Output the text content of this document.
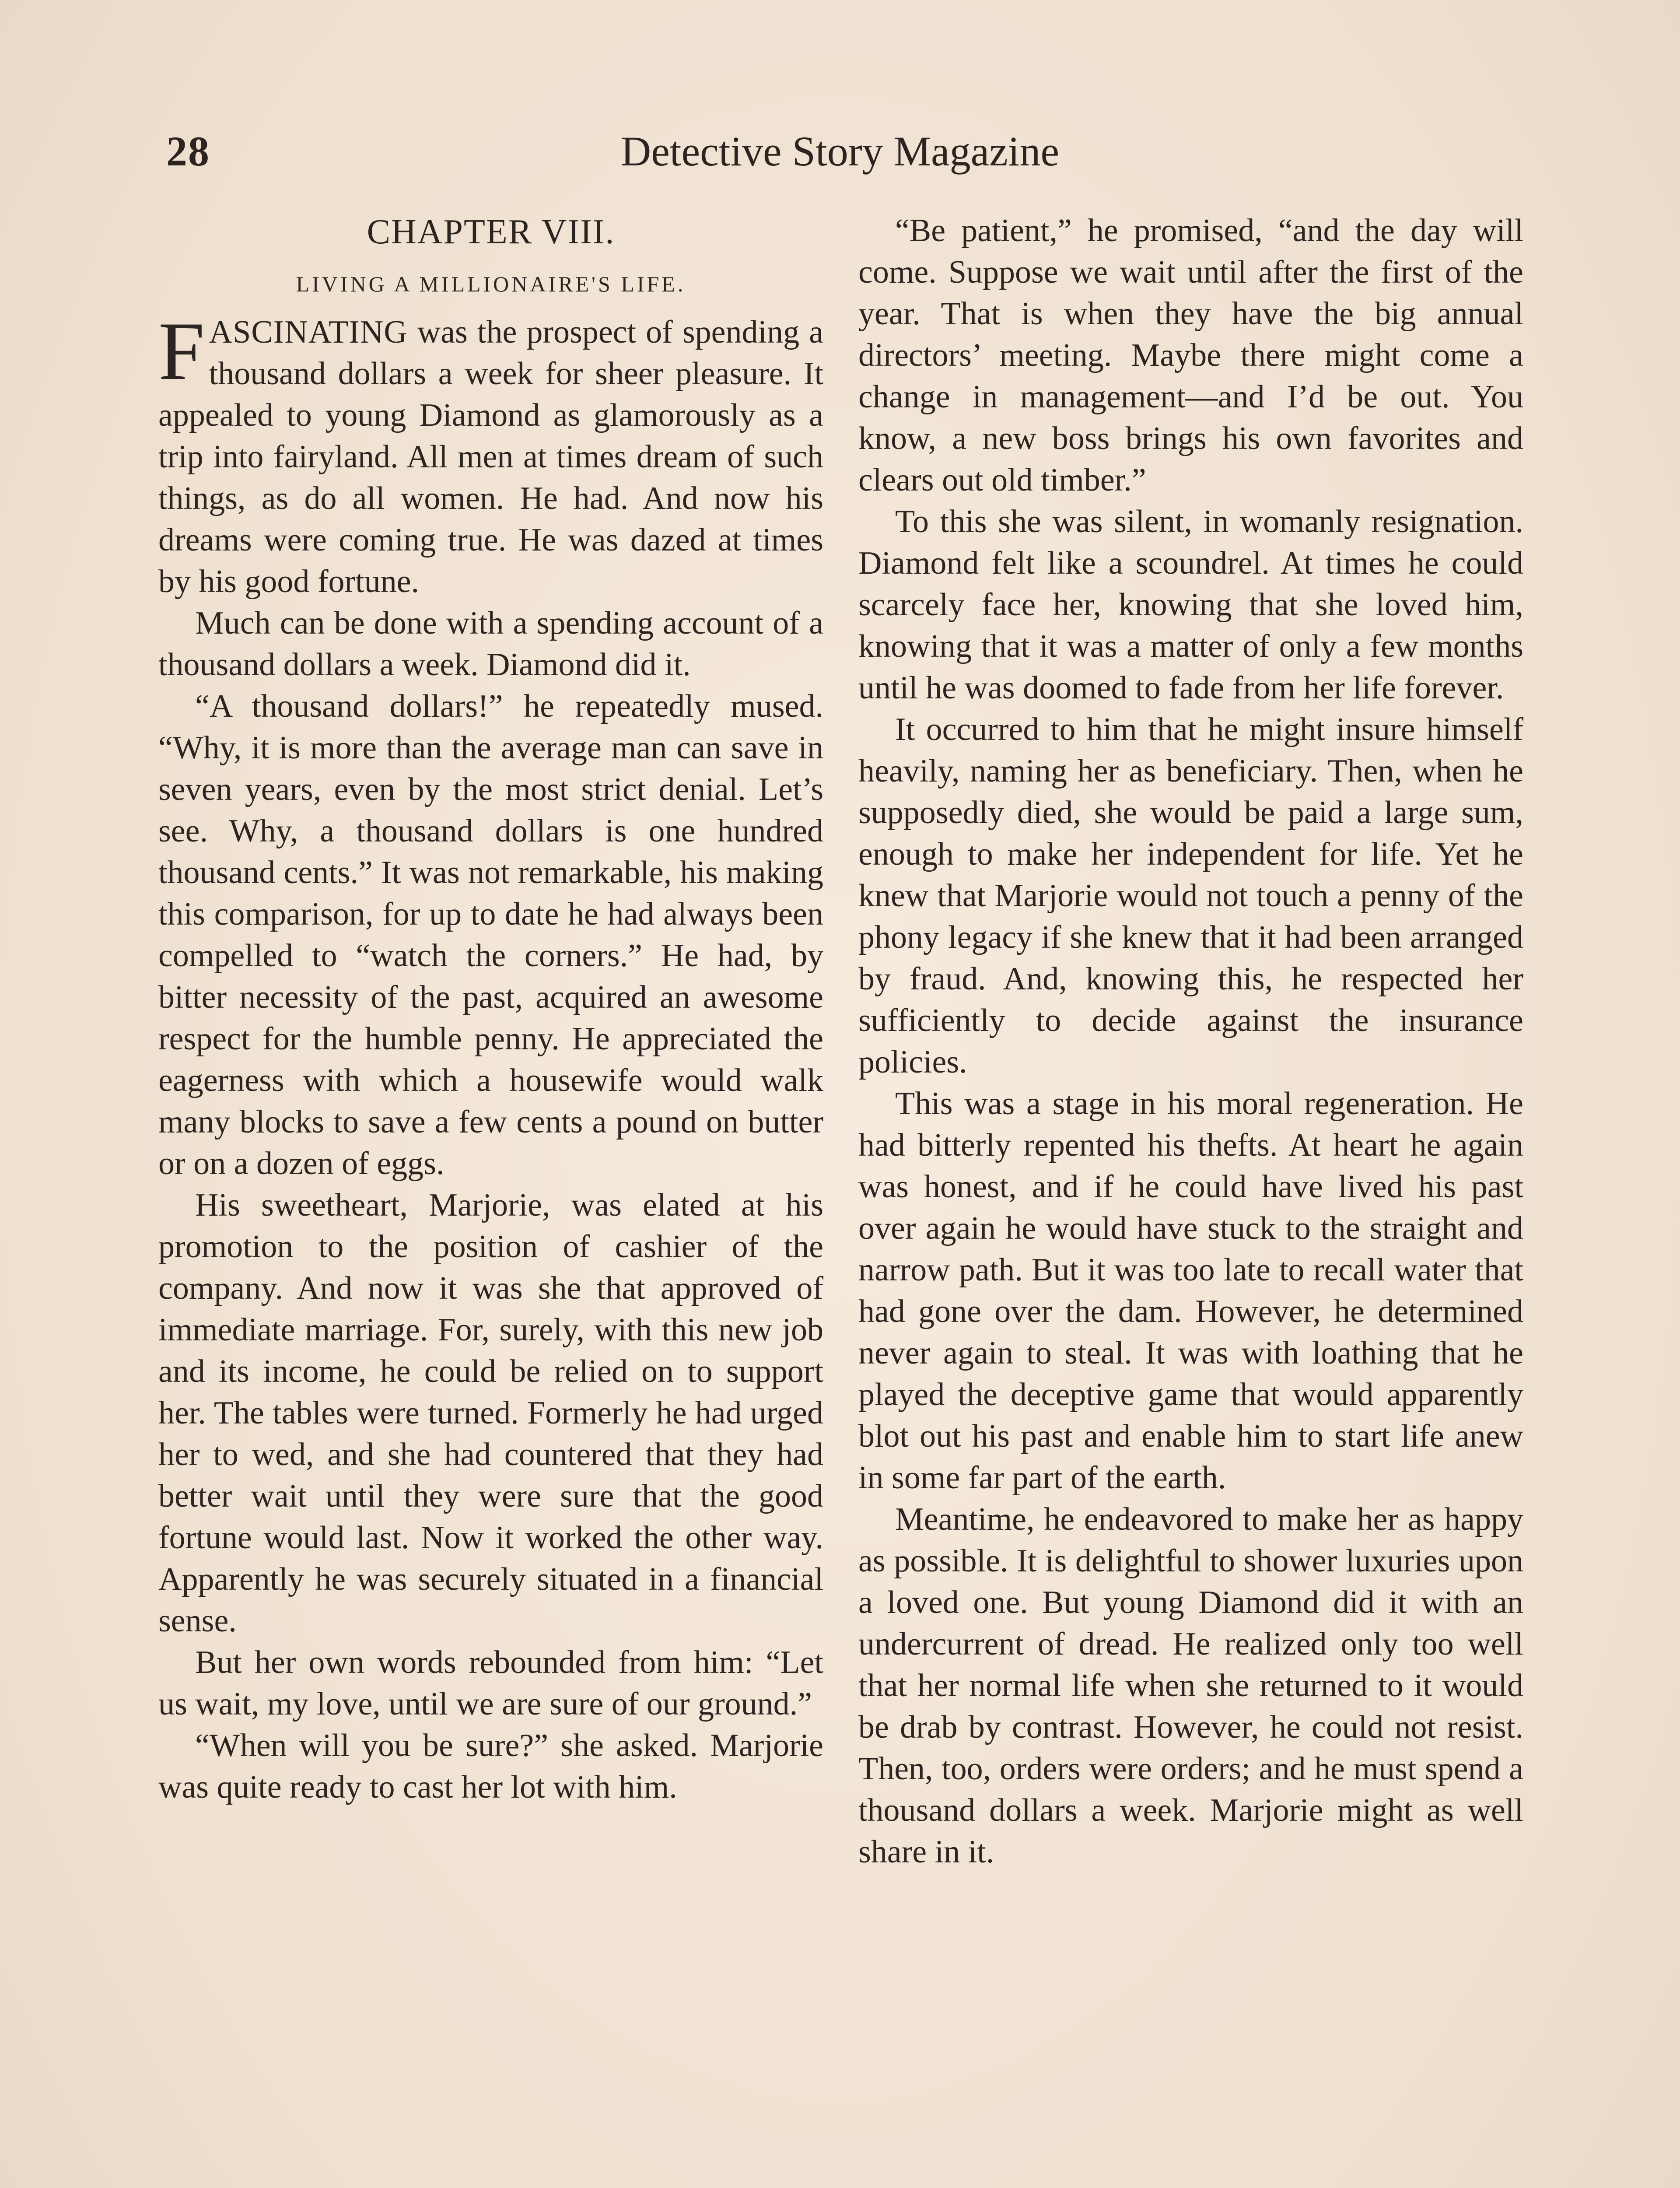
28	Detective Story Magazine
CHAPTER VIII.
LIVING A MILLIONAIRE'S LIFE.

FASCINATING was the prospect of spending a thousand dollars a week for sheer pleasure. It appealed to young Diamond as glamorously as a trip into fairyland. All men at times dream of such things, as do all women. He had. And now his dreams were coming true. He was dazed at times by his good fortune.

Much can be done with a spending account of a thousand dollars a week. Diamond did it.

“A thousand dollars!” he repeatedly mused. “Why, it is more than the average man can save in seven years, even by the most strict denial. Let’s see. Why, a thousand dollars is one hundred thousand cents.” It was not remarkable, his making this comparison, for up to date he had always been compelled to “watch the corners.” He had, by bitter necessity of the past, acquired an awesome respect for the humble penny. He appreciated the eagerness with which a housewife would walk many blocks to save a few cents a pound on butter or on a dozen of eggs.

His sweetheart, Marjorie, was elated at his promotion to the position of cashier of the company. And now it was she that approved of immediate marriage. For, surely, with this new job and its income, he could be relied on to support her. The tables were turned. Formerly he had urged her to wed, and she had countered that they had better wait until they were sure that the good fortune would last. Now it worked the other way. Apparently he was securely situated in a financial sense.

But her own words rebounded from him: “Let us wait, my love, until we are sure of our ground.”

“When will you be sure?” she asked. Marjorie was quite ready to cast her lot with him.

“Be patient,” he promised, “and the day will come. Suppose we wait until after the first of the year. That is when they have the big annual directors’ meeting. Maybe there might come a change in management—and I’d be out. You know, a new boss brings his own favorites and clears out old timber.”

To this she was silent, in womanly resignation. Diamond felt like a scoundrel. At times he could scarcely face her, knowing that she loved him, knowing that it was a matter of only a few months until he was doomed to fade from her life forever.

It occurred to him that he might insure himself heavily, naming her as beneficiary. Then, when he supposedly died, she would be paid a large sum, enough to make her independent for life. Yet he knew that Marjorie would not touch a penny of the phony legacy if she knew that it had been arranged by fraud. And, knowing this, he respected her sufficiently to decide against the insurance policies.

This was a stage in his moral regeneration. He had bitterly repented his thefts. At heart he again was honest, and if he could have lived his past over again he would have stuck to the straight and narrow path. But it was too late to recall water that had gone over the dam. However, he determined never again to steal. It was with loathing that he played the deceptive game that would apparently blot out his past and enable him to start life anew in some far part of the earth.

Meantime, he endeavored to make her as happy as possible. It is delightful to shower luxuries upon a loved one. But young Diamond did it with an undercurrent of dread. He realized only too well that her normal life when she returned to it would be drab by contrast. However, he could not resist. Then, too, orders were orders; and he must spend a thousand dollars a week. Marjorie might as well share in it.
